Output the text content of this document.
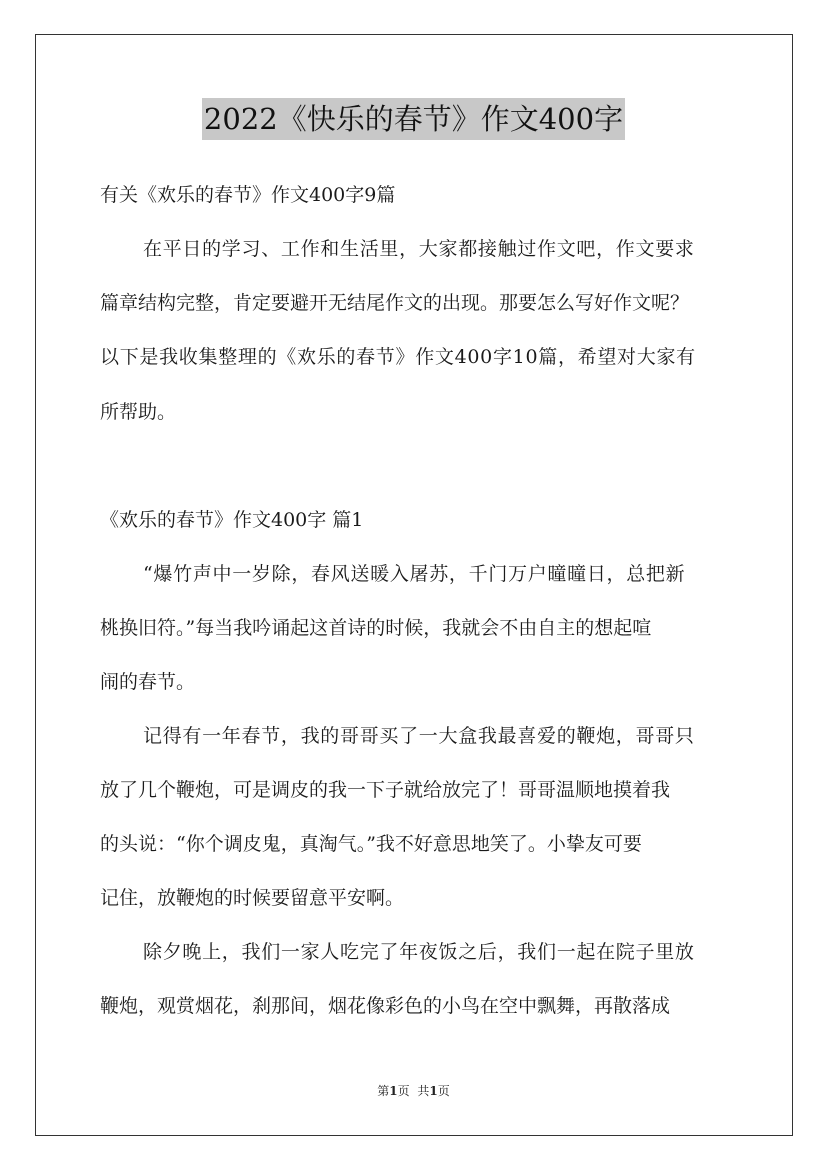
2022《快乐的春节》作文400字
有关《欢乐的春节》作文400字9篇
在平日的学习、工作和生活里，大家都接触过作文吧，作文要求
篇章结构完整，肯定要避开无结尾作文的出现。那要怎么写好作文呢？
以下是我收集整理的《欢乐的春节》作文400字10篇，希望对大家有
所帮助。
《欢乐的春节》作文400字 篇1
“爆竹声中一岁除，春风送暖入屠苏，千门万户曈曈日，总把新
桃换旧符。”每当我吟诵起这首诗的时候，我就会不由自主的想起喧
闹的春节。
记得有一年春节，我的哥哥买了一大盒我最喜爱的鞭炮，哥哥只
放了几个鞭炮，可是调皮的我一下子就给放完了！哥哥温顺地摸着我
的头说：“你个调皮鬼，真淘气。”我不好意思地笑了。小挚友可要
记住，放鞭炮的时候要留意平安啊。
除夕晚上，我们一家人吃完了年夜饭之后，我们一起在院子里放
鞭炮，观赏烟花，刹那间，烟花像彩色的小鸟在空中飘舞，再散落成
第1页 共1页
